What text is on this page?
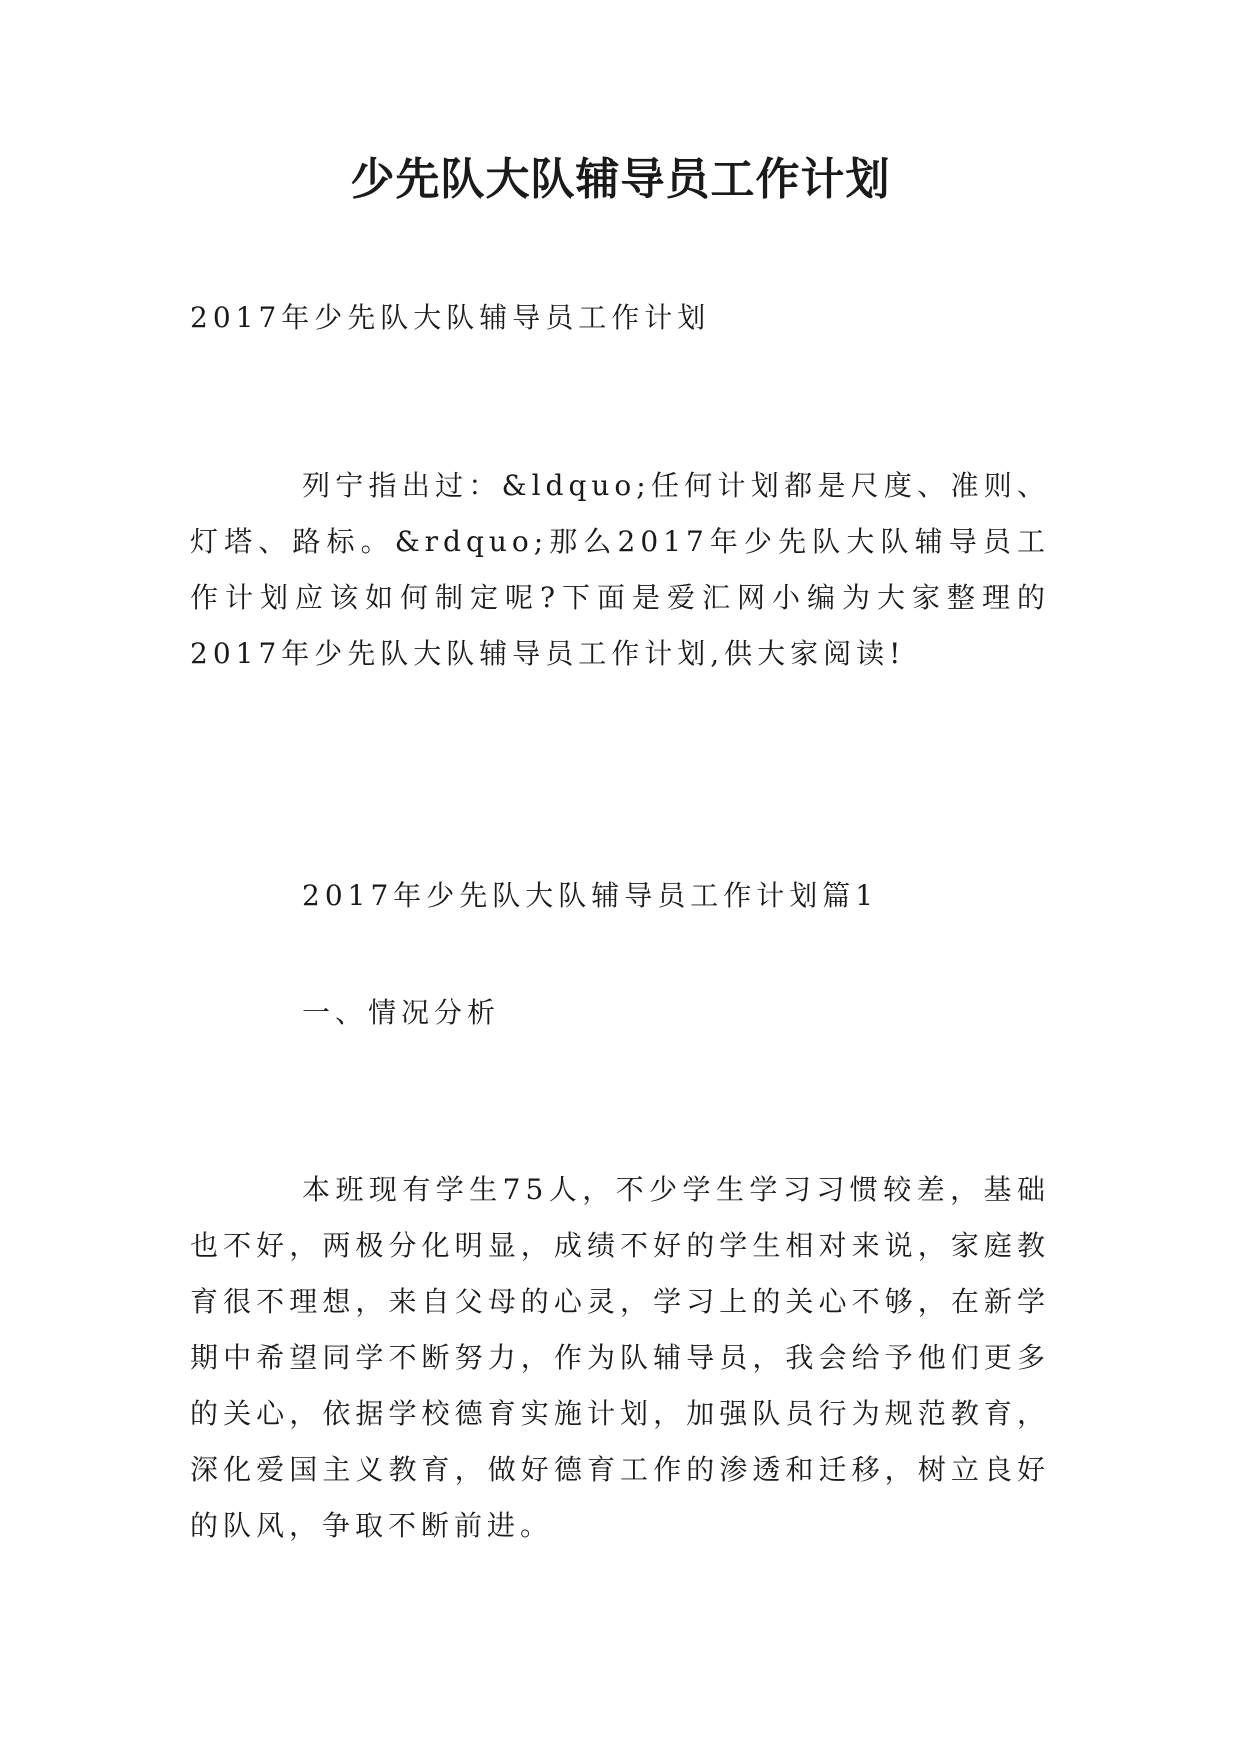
少先队大队辅导员工作计划

2017年少先队大队辅导员工作计划

列宁指出过：&ldquo;任何计划都是尺度、准则、灯塔、路标。&rdquo;那么2017年少先队大队辅导员工作计划应该如何制定呢?下面是爱汇网小编为大家整理的2017年少先队大队辅导员工作计划,供大家阅读!

2017年少先队大队辅导员工作计划篇1

一、情况分析

本班现有学生75人，不少学生学习习惯较差，基础也不好，两极分化明显，成绩不好的学生相对来说，家庭教育很不理想，来自父母的心灵，学习上的关心不够，在新学期中希望同学不断努力，作为队辅导员，我会给予他们更多的关心，依据学校德育实施计划，加强队员行为规范教育，深化爱国主义教育，做好德育工作的渗透和迁移，树立良好的队风，争取不断前进。
